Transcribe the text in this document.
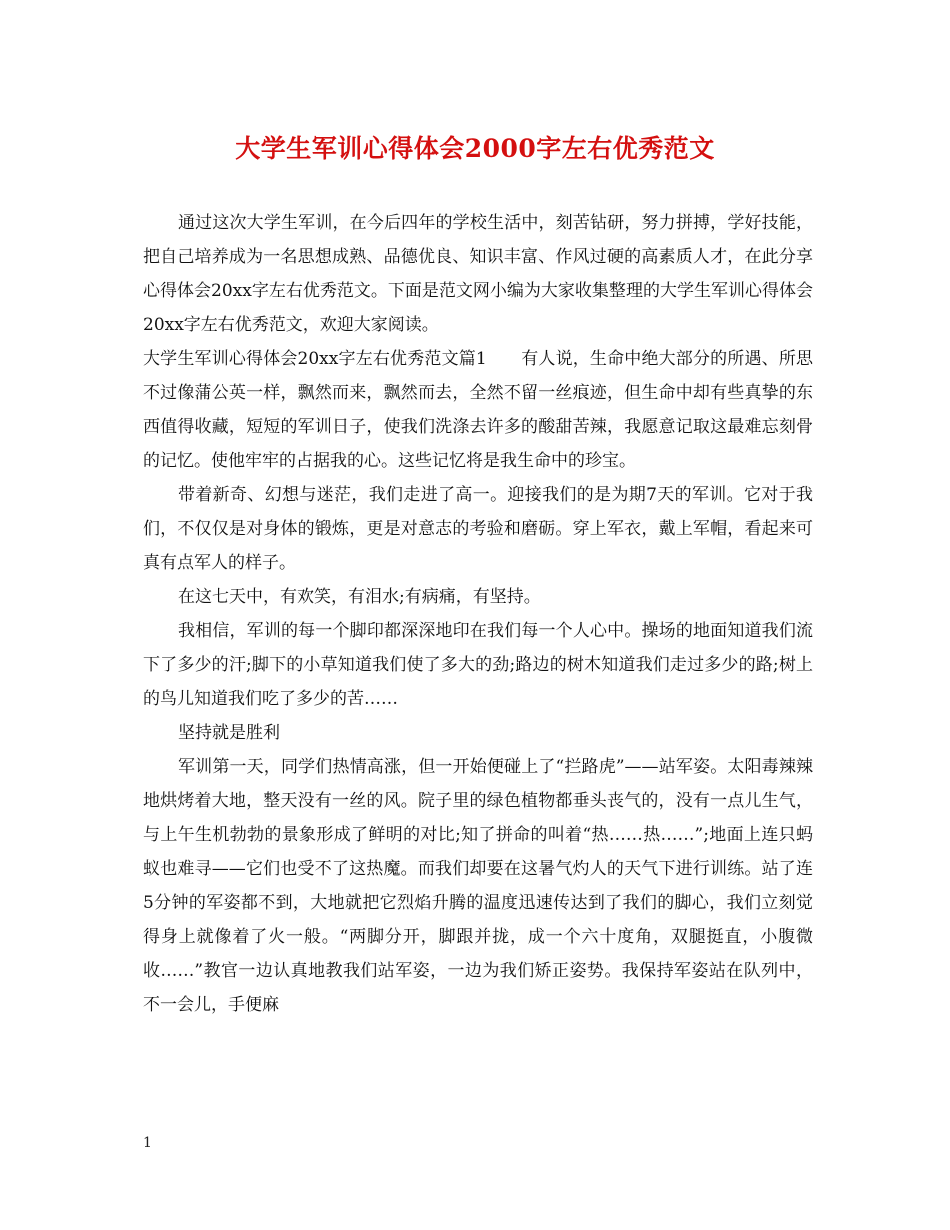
大学生军训心得体会2000字左右优秀范文

通过这次大学生军训，在今后四年的学校生活中，刻苦钻研，努力拼搏，学好技能，把自己培养成为一名思想成熟、品德优良、知识丰富、作风过硬的高素质人才，在此分享心得体会20xx字左右优秀范文。下面是范文网小编为大家收集整理的大学生军训心得体会20xx字左右优秀范文，欢迎大家阅读。

大学生军训心得体会20xx字左右优秀范文篇1　　有人说，生命中绝大部分的所遇、所思不过像蒲公英一样，飘然而来，飘然而去，全然不留一丝痕迹，但生命中却有些真挚的东西值得收藏，短短的军训日子，使我们洗涤去许多的酸甜苦辣，我愿意记取这最难忘刻骨的记忆。使他牢牢的占据我的心。这些记忆将是我生命中的珍宝。

带着新奇、幻想与迷茫，我们走进了高一。迎接我们的是为期7天的军训。它对于我们，不仅仅是对身体的锻炼，更是对意志的考验和磨砺。穿上军衣，戴上军帽，看起来可真有点军人的样子。

在这七天中，有欢笑，有泪水;有病痛，有坚持。

我相信，军训的每一个脚印都深深地印在我们每一个人心中。操场的地面知道我们流下了多少的汗;脚下的小草知道我们使了多大的劲;路边的树木知道我们走过多少的路;树上的鸟儿知道我们吃了多少的苦……

坚持就是胜利

军训第一天，同学们热情高涨，但一开始便碰上了“拦路虎”——站军姿。太阳毒辣辣地烘烤着大地，整天没有一丝的风。院子里的绿色植物都垂头丧气的，没有一点儿生气，与上午生机勃勃的景象形成了鲜明的对比;知了拼命的叫着“热……热……”;地面上连只蚂蚁也难寻——它们也受不了这热魔。而我们却要在这暑气灼人的天气下进行训练。站了连5分钟的军姿都不到，大地就把它烈焰升腾的温度迅速传达到了我们的脚心，我们立刻觉得身上就像着了火一般。“两脚分开，脚跟并拢，成一个六十度角，双腿挺直，小腹微收……”教官一边认真地教我们站军姿，一边为我们矫正姿势。我保持军姿站在队列中，不一会儿，手便麻

1
